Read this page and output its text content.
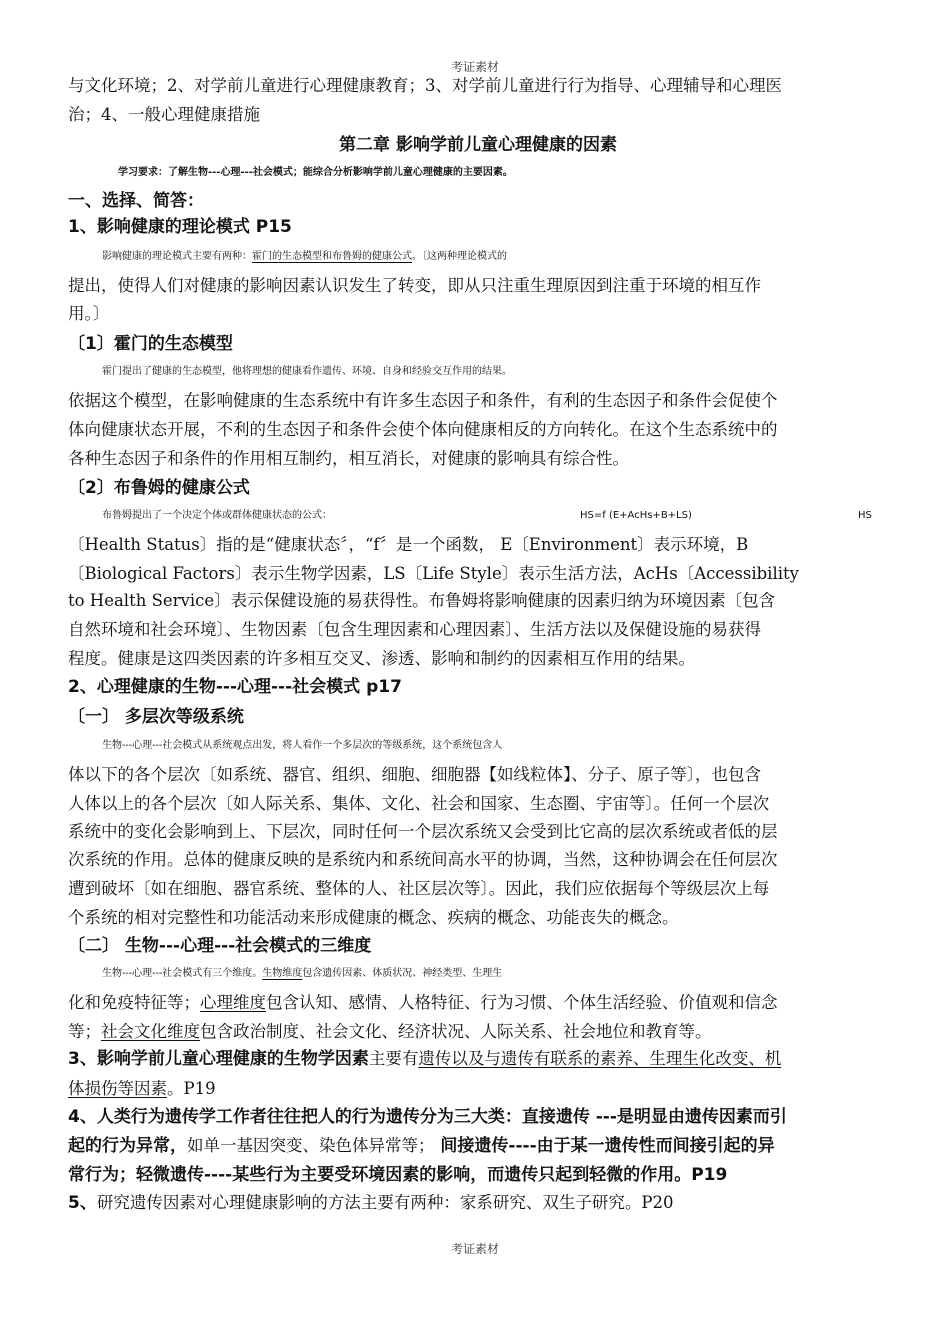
考证素材
与文化环境；2、对学前儿童进行心理健康教育；3、对学前儿童进行行为指导、心理辅导和心理医
治；4、一般心理健康措施
第二章 影响学前儿童心理健康的因素
学习要求：了解生物---心理---社会模式；能综合分析影响学前儿童心理健康的主要因素。
一、选择、简答：
1、影响健康的理论模式 P15
影响健康的理论模式主要有两种：霍门的生态模型和布鲁姆的健康公式。〔这两种理论模式的
提出，使得人们对健康的影响因素认识发生了转变，即从只注重生理原因到注重于环境的相互作
用。〕
〔1〕霍门的生态模型
霍门提出了健康的生态模型，他将理想的健康看作遗传、环境、自身和经验交互作用的结果。
依据这个模型，在影响健康的生态系统中有许多生态因子和条件，有利的生态因子和条件会促使个
体向健康状态开展，不利的生态因子和条件会使个体向健康相反的方向转化。在这个生态系统中的
各种生态因子和条件的作用相互制约，相互消长，对健康的影响具有综合性。
〔2〕布鲁姆的健康公式
布鲁姆提出了一个决定个体或群体健康状态的公式：	HS=f (E+AcHs+B+LS)	HS
〔Health Status〕指的是“健康状态〞，“f〞是一个函数， E〔Environment〕表示环境，B
〔Biological Factors〕表示生物学因素，LS〔Life Style〕表示生活方法，AcHs〔Accessibility
to Health Service〕表示保健设施的易获得性。布鲁姆将影响健康的因素归纳为环境因素〔包含
自然环境和社会环境〕、生物因素〔包含生理因素和心理因素〕、生活方法以及保健设施的易获得
程度。健康是这四类因素的许多相互交叉、渗透、影响和制约的因素相互作用的结果。
2、心理健康的生物---心理---社会模式 p17
〔一〕 多层次等级系统
生物---心理---社会模式从系统观点出发，将人看作一个多层次的等级系统，这个系统包含人
体以下的各个层次〔如系统、器官、组织、细胞、细胞器【如线粒体】、分子、原子等〕，也包含
人体以上的各个层次〔如人际关系、集体、文化、社会和国家、生态圈、宇宙等〕。任何一个层次
系统中的变化会影响到上、下层次，同时任何一个层次系统又会受到比它高的层次系统或者低的层
次系统的作用。总体的健康反映的是系统内和系统间高水平的协调，当然，这种协调会在任何层次
遭到破坏〔如在细胞、器官系统、整体的人、社区层次等〕。因此，我们应依据每个等级层次上每
个系统的相对完整性和功能活动来形成健康的概念、疾病的概念、功能丧失的概念。
〔二〕 生物---心理---社会模式的三维度
生物---心理---社会模式有三个维度。生物维度包含遗传因素、体质状况、神经类型、生理生
化和免疫特征等；心理维度包含认知、感情、人格特征、行为习惯、个体生活经验、价值观和信念
等；社会文化维度包含政治制度、社会文化、经济状况、人际关系、社会地位和教育等。
3、影响学前儿童心理健康的生物学因素主要有遗传以及与遗传有联系的素养、生理生化改变、机
体损伤等因素。P19
4、人类行为遗传学工作者往往把人的行为遗传分为三大类：直接遗传 ---是明显由遗传因素而引
起的行为异常，如单一基因突变、染色体异常等； 间接遗传----由于某一遗传性而间接引起的异
常行为；轻微遗传----某些行为主要受环境因素的影响，而遗传只起到轻微的作用。P19
5、研究遗传因素对心理健康影响的方法主要有两种：家系研究、双生子研究。P20
考证素材
